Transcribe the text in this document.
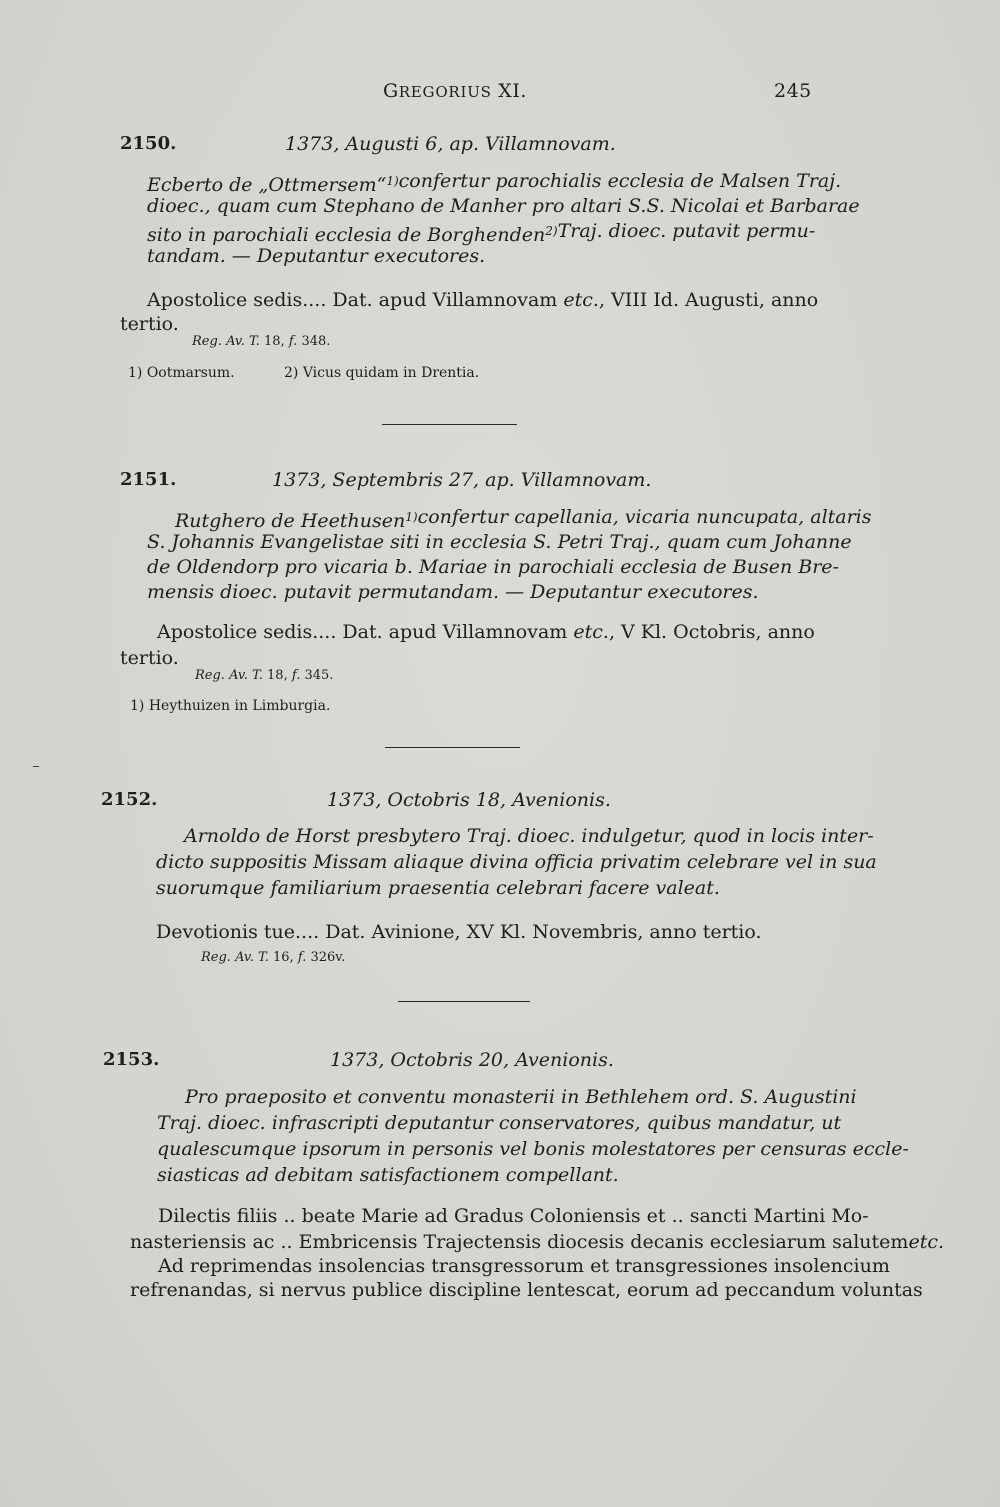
GREGORIUS XI.	245
2150.	1373, Augusti 6, ap. Villamnovam.
Ecberto de „Ottmersem“$^{1)}$ confertur parochialis ecclesia de Malsen Traj.
dioec., quam cum Stephano de Manher pro altari S.S. Nicolai et Barbarae
sito in parochiali ecclesia de Borghenden$^{2)}$ Traj. dioec. putavit permu-
tandam. — Deputantur executores.
Apostolice sedis.... Dat. apud Villamnovam etc. , VIII Id. Augusti, anno
tertio.
Reg. Av. T. 18, f. 348.
1) Ootmarsum.	2) Vicus quidam in Drentia.
2151.	1373, Septembris 27, ap. Villamnovam.
Rutghero de Heethusen$^{1)}$ confertur capellania, vicaria nuncupata, altaris
S. Johannis Evangelistae siti in ecclesia S. Petri Traj., quam cum Johanne
de Oldendorp pro vicaria b. Mariae in parochiali ecclesia de Busen Bre-
mensis dioec. putavit permutandam. — Deputantur executores.
Apostolice sedis.... Dat. apud Villamnovam etc. , V Kl. Octobris, anno
tertio.
Reg. Av. T. 18, f. 345.
1) Heythuizen in Limburgia.
2152.	1373, Octobris 18, Avenionis.
Arnoldo de Horst presbytero Traj. dioec. indulgetur, quod in locis inter-
dicto suppositis Missam aliaque divina officia privatim celebrare vel in sua
suorumque familiarium praesentia celebrari facere valeat.
Devotionis tue.... Dat. Avinione, XV Kl. Novembris, anno tertio.
Reg. Av. T. 16, f. 326v.
2153.	1373, Octobris 20, Avenionis.
Pro praeposito et conventu monasterii in Bethlehem ord. S. Augustini
Traj. dioec. infrascripti deputantur conservatores, quibus mandatur, ut
qualescumque ipsorum in personis vel bonis molestatores per censuras eccle-
siasticas ad debitam satisfactionem compellant.
Dilectis filiis .. beate Marie ad Gradus Coloniensis et .. sancti Martini Mo-
nasteriensis ac .. Embricensis Trajectensis diocesis decanis ecclesiarum salutem etc.
Ad reprimendas insolencias transgressorum et transgressiones insolencium
refrenandas, si nervus publice discipline lentescat, eorum ad peccandum voluntas
